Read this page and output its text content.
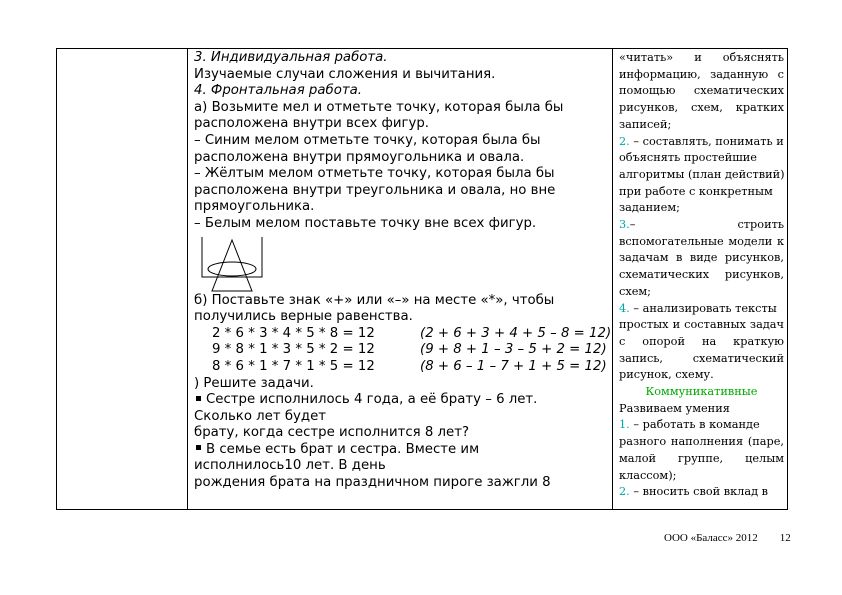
3. Индивидуальная работа.
Изучаемые случаи сложения и вычитания.
4. Фронтальная работа.
а) Возьмите мел и отметьте точку, которая была бы
расположена внутри всех фигур.
– Синим мелом отметьте точку, которая была бы
расположена внутри прямоугольника и овала.
– Жёлтым мелом отметьте точку, которая была бы
расположена внутри треугольника и овала, но вне
прямоугольника.
– Белым мелом поставьте точку вне всех фигур.
б) Поставьте знак «+» или «–» на месте «*», чтобы
получились верные равенства.
2 * 6 * 3 * 4 * 5 * 8 = 12	(2 + 6 + 3 + 4 + 5 – 8 = 12)
9 * 8 * 1 * 3 * 5 * 2 = 12	(9 + 8 + 1 – 3 – 5 + 2 = 12)
8 * 6 * 1 * 7 * 1 * 5 = 12	(8 + 6 – 1 – 7 + 1 + 5 = 12)
) Решите задачи.
Сестре исполнилось 4 года, а её брату – 6 лет.
Сколько лет будет
брату, когда сестре исполнится 8 лет?
В семье есть брат и сестра. Вместе им
исполнилось10 лет. В день
рождения брата на праздничном пироге зажгли 8
«читать» и объяснять
информацию, заданную с
помощью схематических
рисунков, схем, кратких
записей;
2. – составлять, понимать и
объяснять простейшие
алгоритмы (план действий)
при работе с конкретным
заданием;
3.– строить
вспомогательные модели к
задачам в виде рисунков,
схематических рисунков,
схем;
4. – анализировать тексты
простых и составных задач
с опорой на краткую
запись, схематический
рисунок, схему.
Коммуникативные
Развиваем умения
1. – работать в команде
разного наполнения (паре,
малой группе, целым
классом);
2. – вносить свой вклад в
ООО «Баласс» 2012 12
